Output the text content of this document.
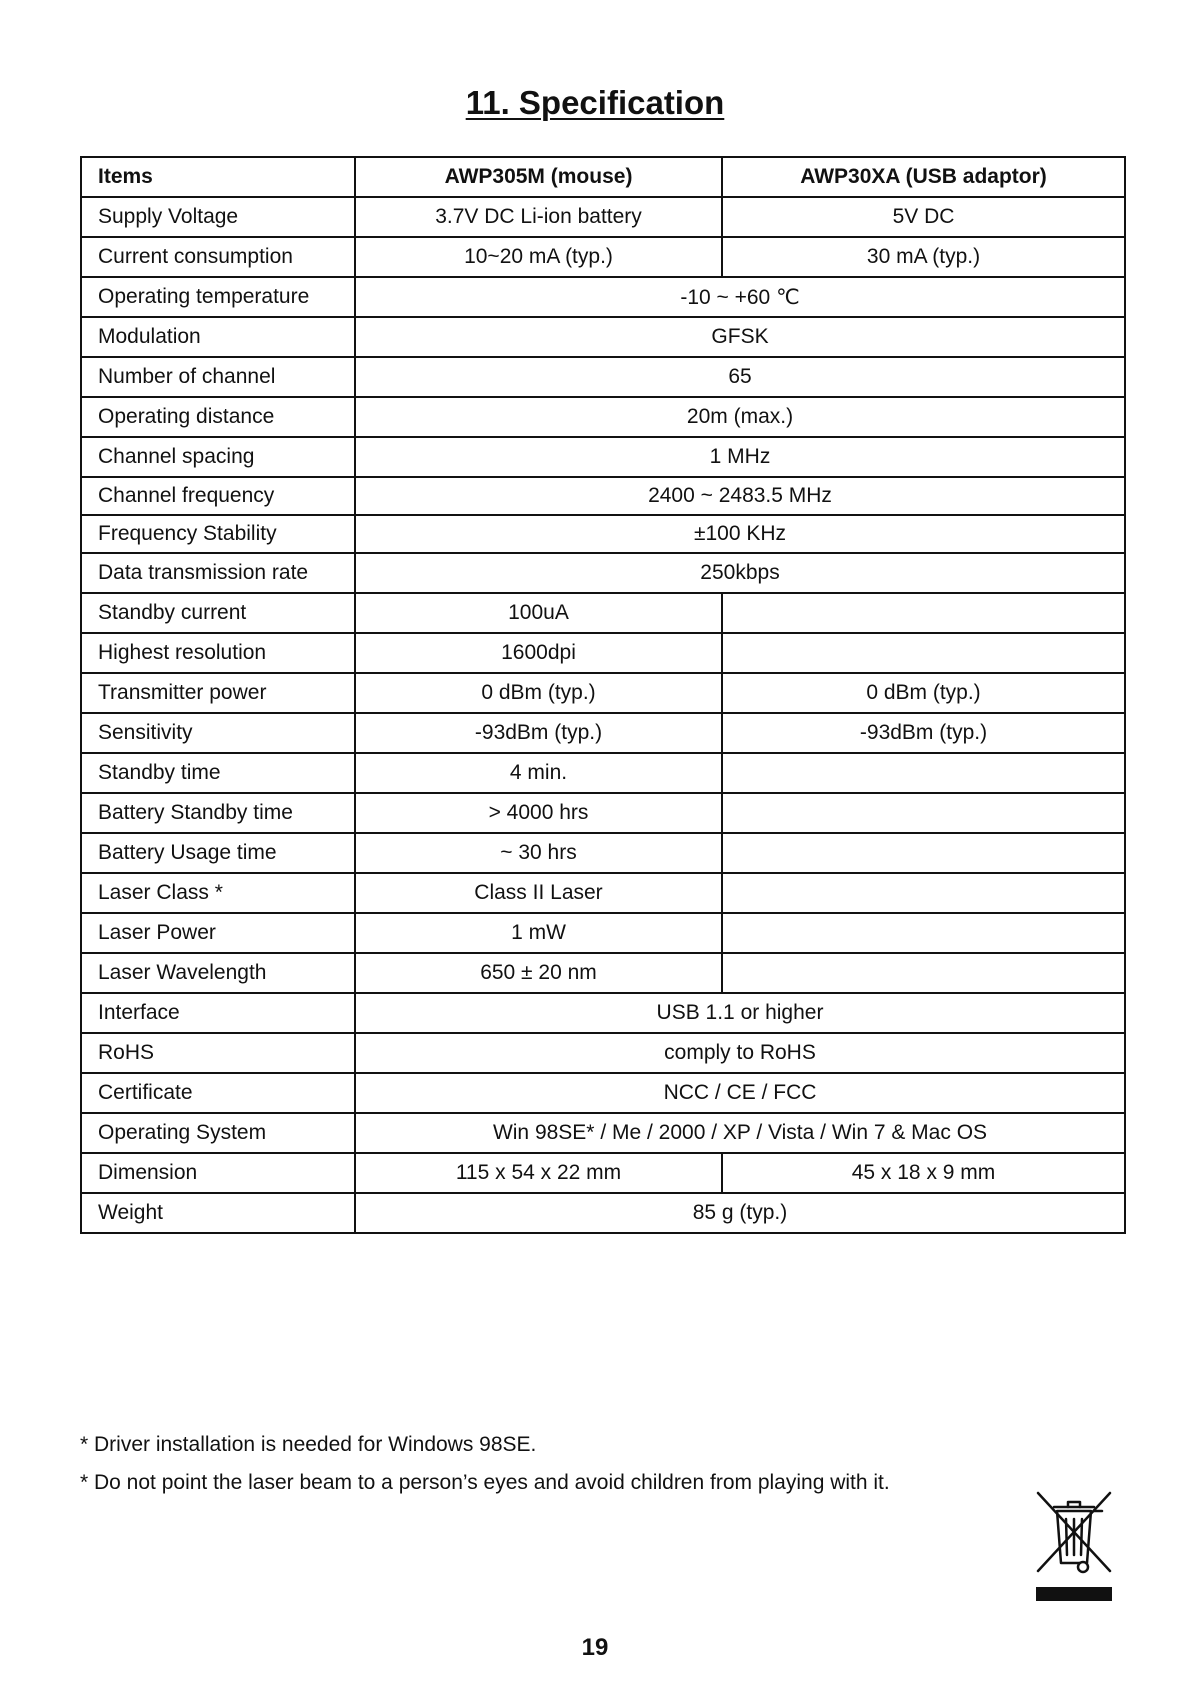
11. Specification
Items	AWP305M (mouse)	AWP30XA (USB adaptor)
Supply Voltage	3.7V DC Li-ion battery	5V DC
Current consumption	10~20 mA (typ.)	30 mA (typ.)
Operating temperature	-10 ~ +60 ℃	
Modulation	GFSK	
Number of channel	65	
Operating distance	20m (max.)	
Channel spacing	1 MHz	
Channel frequency	2400 ~ 2483.5 MHz	
Frequency Stability	±100 KHz	
Data transmission rate	250kbps	
Standby current	100uA	
Highest resolution	1600dpi	
Transmitter power	0 dBm (typ.)	0 dBm (typ.)
Sensitivity	-93dBm (typ.)	-93dBm (typ.)
Standby time	4 min.	
Battery Standby time	> 4000 hrs	
Battery Usage time	~ 30 hrs	
Laser Class *	Class II Laser	
Laser Power	1 mW	
Laser Wavelength	650 ± 20 nm	
Interface	USB 1.1 or higher	
RoHS	comply to RoHS	
Certificate	NCC / CE / FCC	
Operating System	Win 98SE* / Me / 2000 / XP / Vista / Win 7 & Mac OS	
Dimension	115 x 54 x 22 mm	45 x 18 x 9 mm
Weight	85 g (typ.)	
* Driver installation is needed for Windows 98SE.
* Do not point the laser beam to a person’s eyes and avoid children from playing with it.
19
